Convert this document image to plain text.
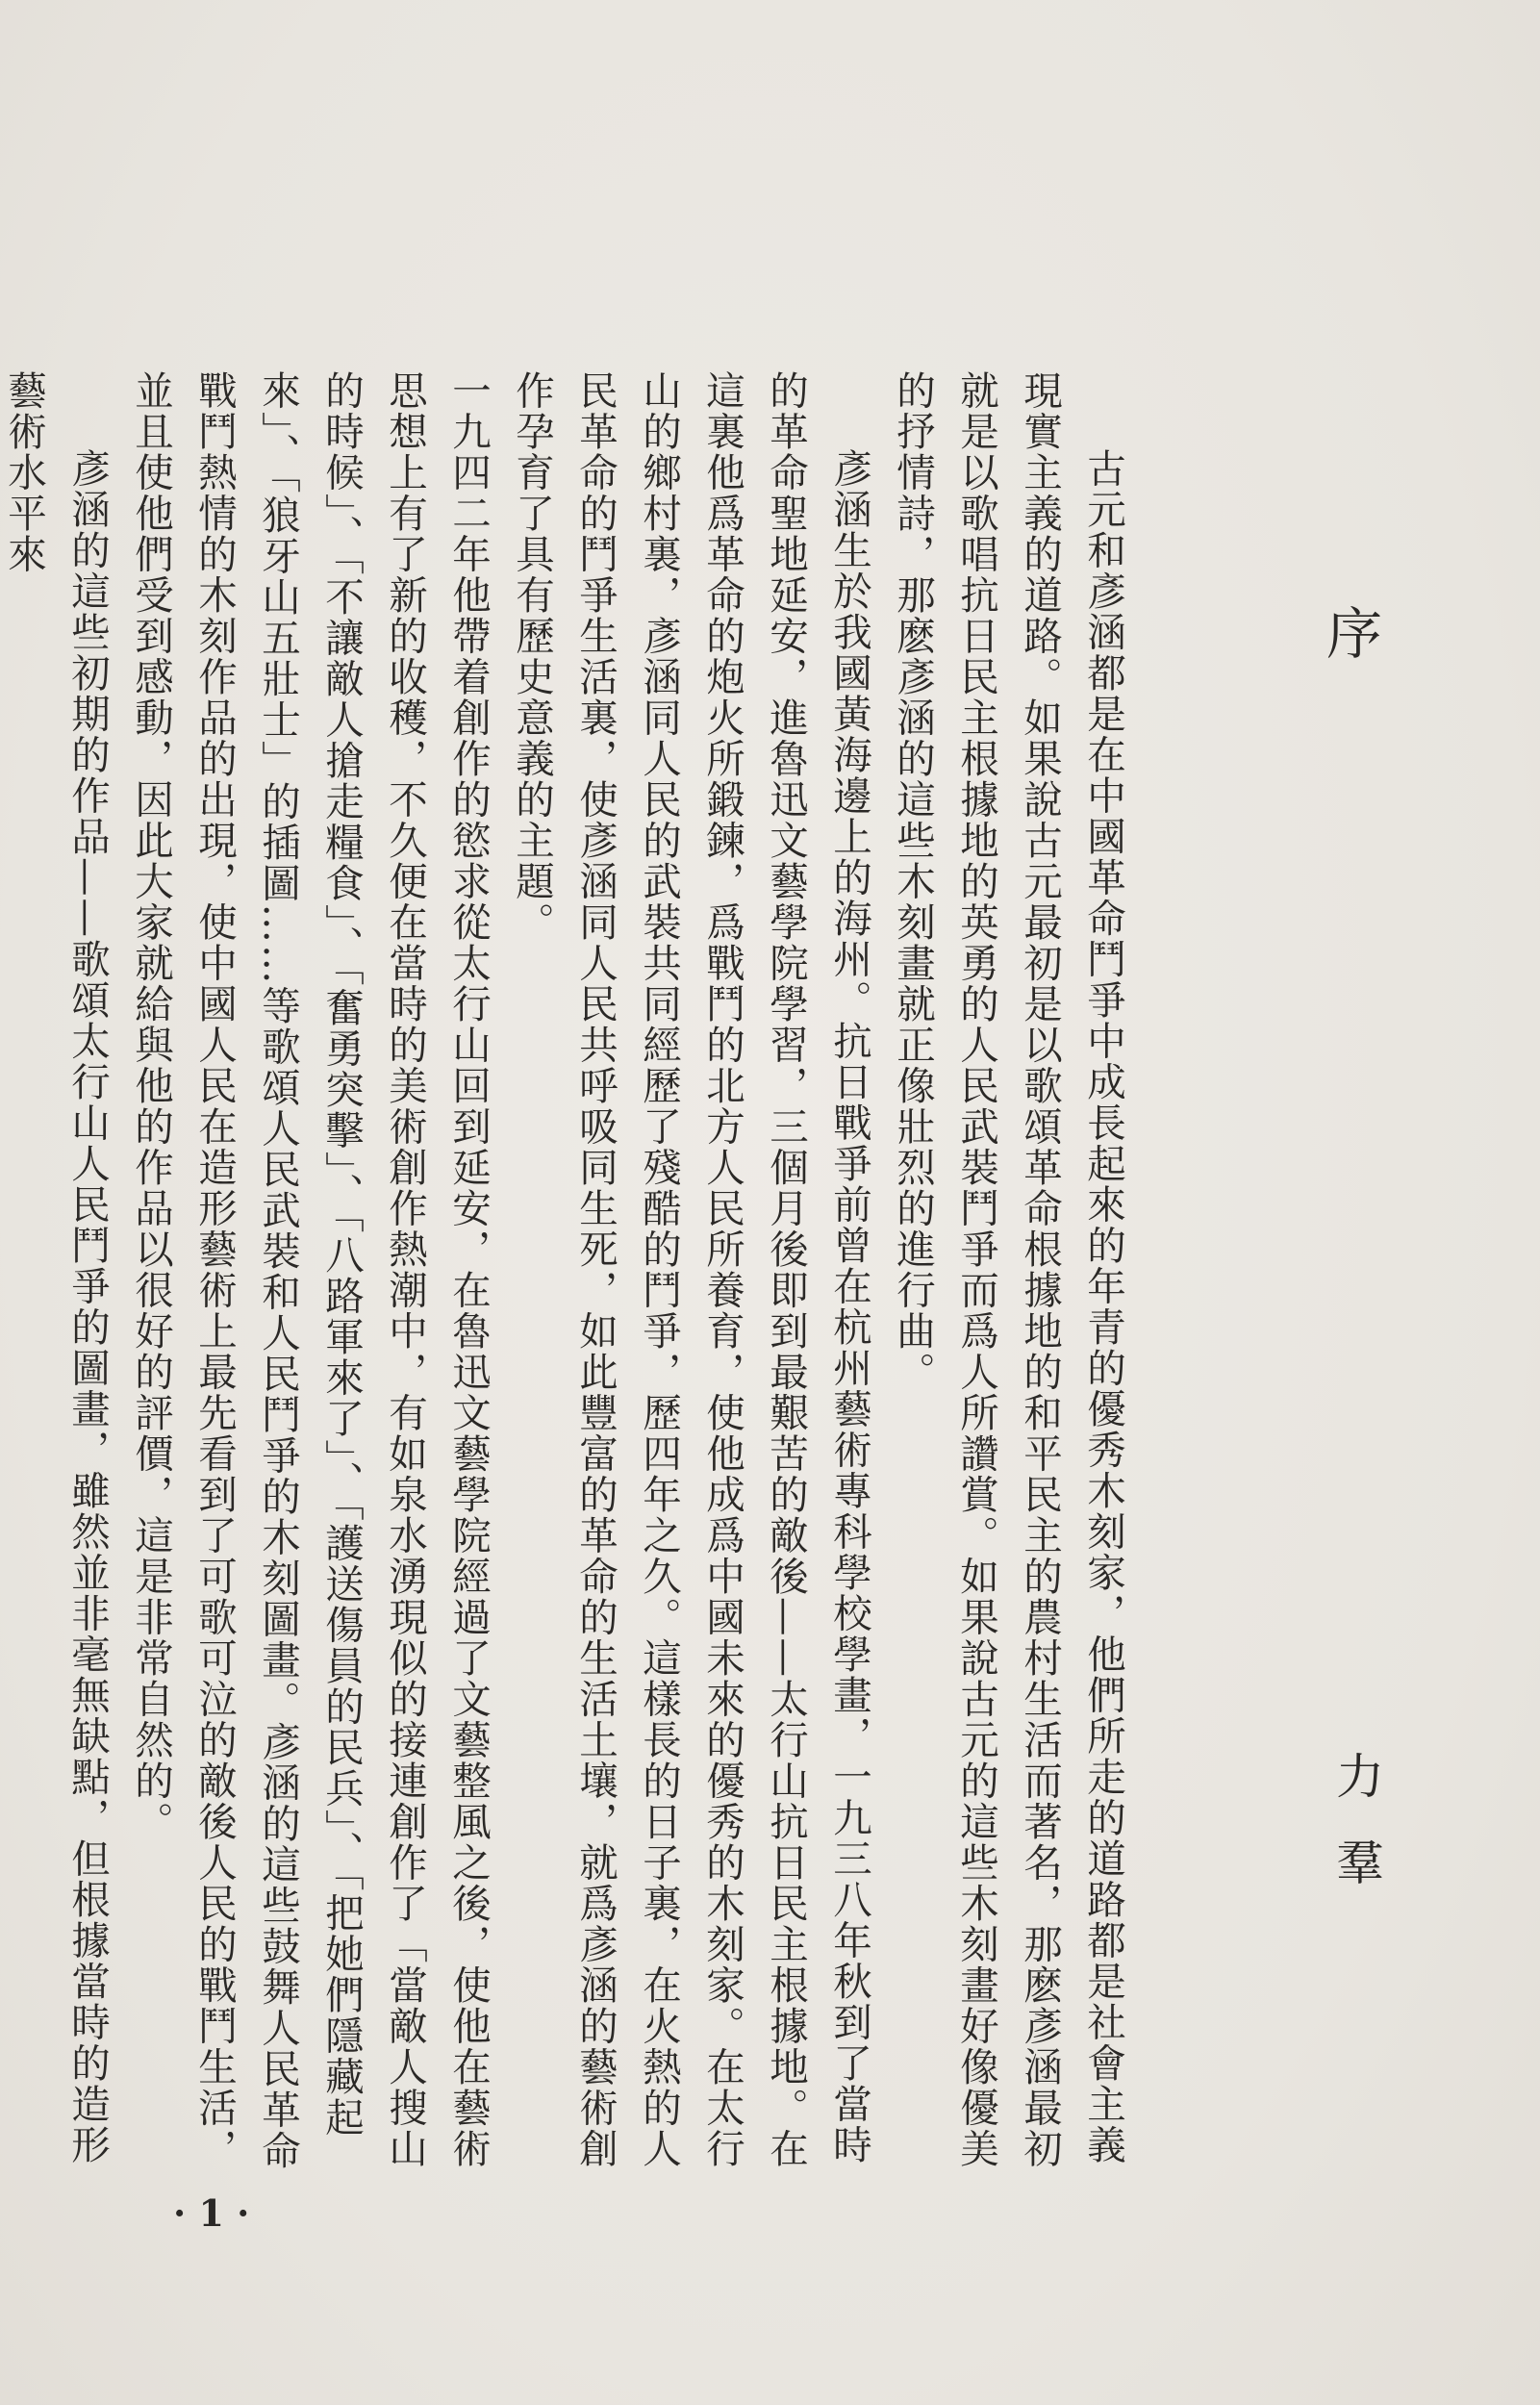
序
力 羣

古元和彥涵都是在中國革命鬥爭中成長起來的年青的優秀木刻家，他們所走的道路都是社會主義現實主義的道路。如果說古元最初是以歌頌革命根據地的和平民主的農村生活而著名，那麽彥涵最初就是以歌唱抗日民主根據地的英勇的人民武裝鬥爭而爲人所讚賞。如果說古元的這些木刻畫好像優美的抒情詩，那麽彥涵的這些木刻畫就正像壯烈的進行曲。

彥涵生於我國黃海邊上的海州。抗日戰爭前曾在杭州藝術專科學校學畫，一九三八年秋到了當時的革命聖地延安，進魯迅文藝學院學習，三個月後即到最艱苦的敵後——太行山抗日民主根據地。在這裏他爲革命的炮火所鍛鍊，爲戰鬥的北方人民所養育，使他成爲中國未來的優秀的木刻家。在太行山的鄉村裏，彥涵同人民的武裝共同經歷了殘酷的鬥爭，歷四年之久。這樣長的日子裏，在火熱的人民革命的鬥爭生活裏，使彥涵同人民共呼吸同生死，如此豐富的革命的生活土壤，就爲彥涵的藝術創作孕育了具有歷史意義的主題。

一九四二年他帶着創作的慾求從太行山回到延安，在魯迅文藝學院經過了文藝整風之後，使他在藝術思想上有了新的收穫，不久便在當時的美術創作熱潮中，有如泉水湧現似的接連創作了「當敵人搜山的時候」、「不讓敵人搶走糧食」、「奮勇突擊」、「八路軍來了」、「護送傷員的民兵」、「把她們隱藏起來」、「狼牙山五壯士」的插圖……等歌頌人民武裝和人民鬥爭的木刻圖畫。彥涵的這些鼓舞人民革命戰鬥熱情的木刻作品的出現，使中國人民在造形藝術上最先看到了可歌可泣的敵後人民的戰鬥生活，並且使他們受到感動，因此大家就給與他的作品以很好的評價，這是非常自然的。

彥涵的這些初期的作品——歌頌太行山人民鬥爭的圖畫，雖然並非毫無缺點，但根據當時的造形藝術水平來

· 1 ·
